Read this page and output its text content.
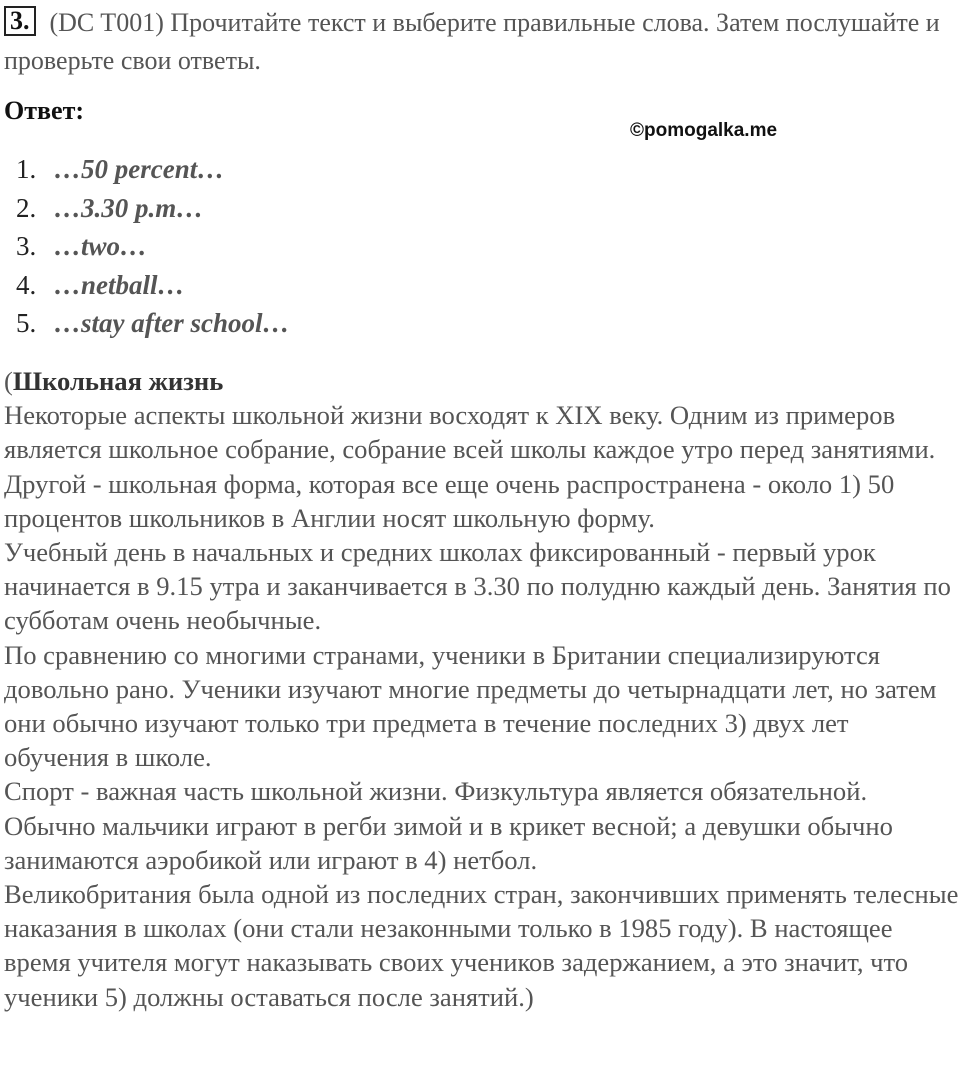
3. (DC T001) Прочитайте текст и выберите правильные слова. Затем послушайте и проверьте свои ответы.
Ответ:
©pomogalka.me
1. …50 percent…
2. …3.30 p.m…
3. …two…
4. …netball…
5. …stay after school…

(Школьная жизнь

Некоторые аспекты школьной жизни восходят к XIX веку. Одним из примеров является школьное собрание, собрание всей школы каждое утро перед занятиями. Другой - школьная форма, которая все еще очень распространена - около 1) 50 процентов школьников в Англии носят школьную форму.

Учебный день в начальных и средних школах фиксированный - первый урок начинается в 9.15 утра и заканчивается в 3.30 по полудню каждый день. Занятия по субботам очень необычные.

По сравнению со многими странами, ученики в Британии специализируются довольно рано. Ученики изучают многие предметы до четырнадцати лет, но затем они обычно изучают только три предмета в течение последних 3) двух лет обучения в школе.

Спорт - важная часть школьной жизни. Физкультура является обязательной. Обычно мальчики играют в регби зимой и в крикет весной; а девушки обычно занимаются аэробикой или играют в 4) нетбол.

Великобритания была одной из последних стран, закончивших применять телесные наказания в школах (они стали незаконными только в 1985 году). В настоящее время учителя могут наказывать своих учеников задержанием, а это значит, что ученики 5) должны оставаться после занятий.)
